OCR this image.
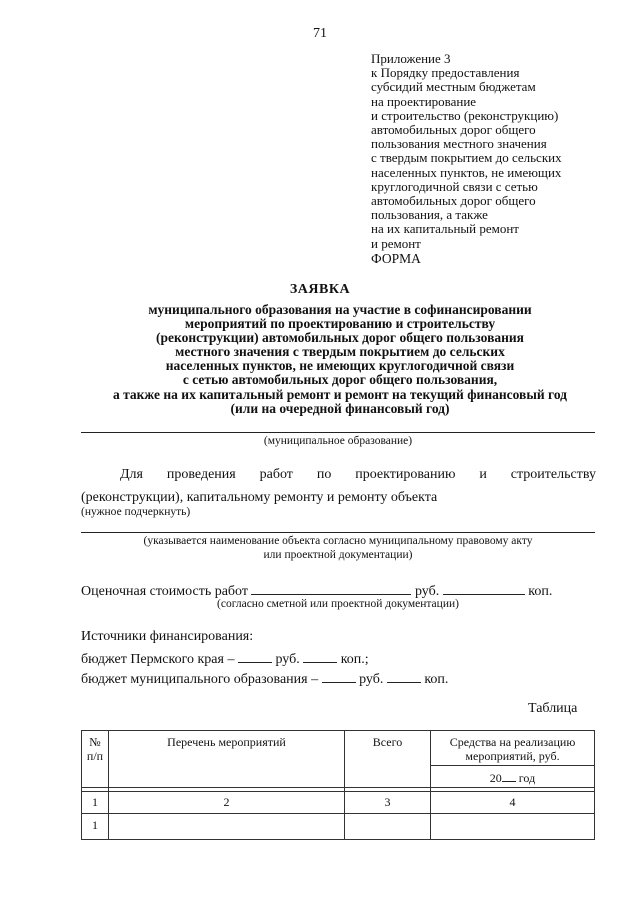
71
Приложение 3
к Порядку предоставления
субсидий местным бюджетам
на проектирование
и строительство (реконструкцию)
автомобильных дорог общего
пользования местного значения
с твердым покрытием до сельских
населенных пунктов, не имеющих
круглогодичной связи с сетью
автомобильных дорог общего
пользования, а также
на их капитальный ремонт
и ремонт
ФОРМА
ЗАЯВКА
муниципального образования на участие в софинансировании
мероприятий по проектированию и строительству
(реконструкции) автомобильных дорог общего пользования
местного значения с твердым покрытием до сельских
населенных пунктов, не имеющих круглогодичной связи
с сетью автомобильных дорог общего пользования,
а также на их капитальный ремонт и ремонт на текущий финансовый год
(или на очередной финансовый год)
(муниципальное образование)
Для проведения работ по проектированию и строительству
(реконструкции), капитальному ремонту и ремонту объекта
(нужное подчеркнуть)
(указывается наименование объекта согласно муниципальному правовому акту
или проектной документации)
Оценочная стоимость работ	руб.	коп.
(согласно сметной или проектной документации)
Источники финансирования:
бюджет Пермского края –	руб.	коп.;
бюджет муниципального образования –	руб.	коп.
Таблица
№ п/п	Перечень мероприятий	Всего	Средства на реализацию мероприятий, руб.
			20 год

1	2	3	4
1			
